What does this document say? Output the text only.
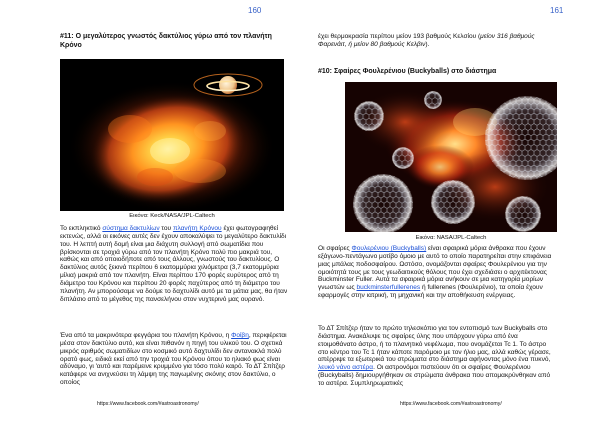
160
#11: Ο μεγαλύτερος γνωστός δακτύλιος γύρω από τον πλανήτη Κρόνο
Εικόνα: Keck/NASA/JPL-Caltech
Το εκπληκτικό σύστημα δακτυλίων του πλανήτη Κρόνου έχει φωτογραφηθεί εκτενώς, αλλά οι εικόνες αυτές δεν έχουν αποκαλύψει το μεγαλύτερο δακτυλίδι του. Η λεπτή αυτή δομή είναι μια διάχυτη συλλογή από σωματίδια που βρίσκονται σε τροχιά γύρω από τον πλανήτη Κρόνο πολύ πιο μακριά του, καθώς και από οποιοδήποτε από τους άλλους, γνωστούς του δακτυλίους. Ο δακτύλιος αυτός ξεκινά περίπου 6 εκατομμύρια χιλιόμετρα (3,7 εκατομμύρια μίλια) μακριά από τον πλανήτη. Είναι περίπου 170 φορές ευρύτερος από τη διάμετρο του Κρόνου και περίπου 20 φορές παχύτερος από τη διάμετρο του πλανήτη. Αν μπορούσαμε να δούμε το δαχτυλίδι αυτό με τα μάτια μας, θα ήταν διπλάσιο από το μέγεθος της πανσελήνου στον νυχτερινό μας ουρανό.
Ένα από τα μακρινότερα φεγγάρια του πλανήτη Κρόνου, η Φοίβη, περιφέρεται μέσα στον δακτύλιο αυτό, και είναι πιθανόν η πηγή του υλικού του. Ο σχετικά μικρός αριθμός σωματιδίων στο κοσμικό αυτό δαχτυλίδι δεν αντανακλά πολύ ορατό φως, ειδικά εκεί από την τροχιά του Κρόνου όπου το ηλιακό φως είναι αδύναμο, γι 'αυτό και παρέμεινε κρυμμένο για τόσο πολύ καιρό. Το ΔΤ Σπίτζερ κατάφερε να ανιχνεύσει τη λάμψη της παγωμένης σκόνης στον δακτύλιο, ο οποίος
https://www.facebook.com/#astroastronomy/
161
έχει θερμοκρασία περίπου μείον 193 βαθμούς Κελσίου (μείον 316 βαθμούς Φαρενάιτ, ή μείον 80 βαθμούς Κελβιν).
#10: Σφαίρες Φουλερένιου (Buckyballs) στο διάστημα
Εικόνα: NASA/JPL-Caltech
Οι σφαίρες Φουλερένιου (Buckyballs) είναι σφαιρικά μόρια άνθρακα που έχουν εξάγωνο-πεντάγωνο μοτίβο όμοιο με αυτό το οποίο παρατηρείται στην επιφάνεια μιας μπάλας ποδοσφαίρου. Ωστόσο, ονομάζονται σφαίρες Φουλερένιου για την ομοιότητά τους με τους γεωδαιτικούς θόλους που έχει σχεδιάσει ο αρχιτέκτονας Buckminster Fuller. Αυτά τα σφαιρικά μόρια ανήκουν σε μια κατηγορία μορίων γνωστών ως buckminsterfullerenes ή fullerenes (Φουλερένιο), τα οποία έχουν εφαρμογές στην ιατρική, τη μηχανική και την αποθήκευση ενέργειας.
Το ΔΤ Σπίτζερ ήταν το πρώτο τηλεσκόπιο για τον εντοπισμό των Buckyballs στο διάστημα. Ανακάλυψε τις σφαίρες ύλης που υπάρχουν γύρω από ένα ετοιμοθάνατο άστρο, ή το πλανητικό νεφέλωμα, που ονομάζεται Tc 1. Το άστρο στο κέντρο του Tc 1 ήταν κάποτε παρόμοιο με τον ήλιο μας, αλλά καθώς γέρασε, απέρριψε τα εξωτερικά του στρώματα στο διάστημα αφήνοντας μόνο ένα πυκνό, λευκό νάνο αστέρα. Οι αστρονόμοι πιστεύουν ότι οι σφαίρες Φουλερένιου (Buckyballs) δημιουργήθηκαν σε στρώματα άνθρακα που απομακρύνθηκαν από το αστέρα. Συμπληρωματικές
https://www.facebook.com/#astroastronomy/
